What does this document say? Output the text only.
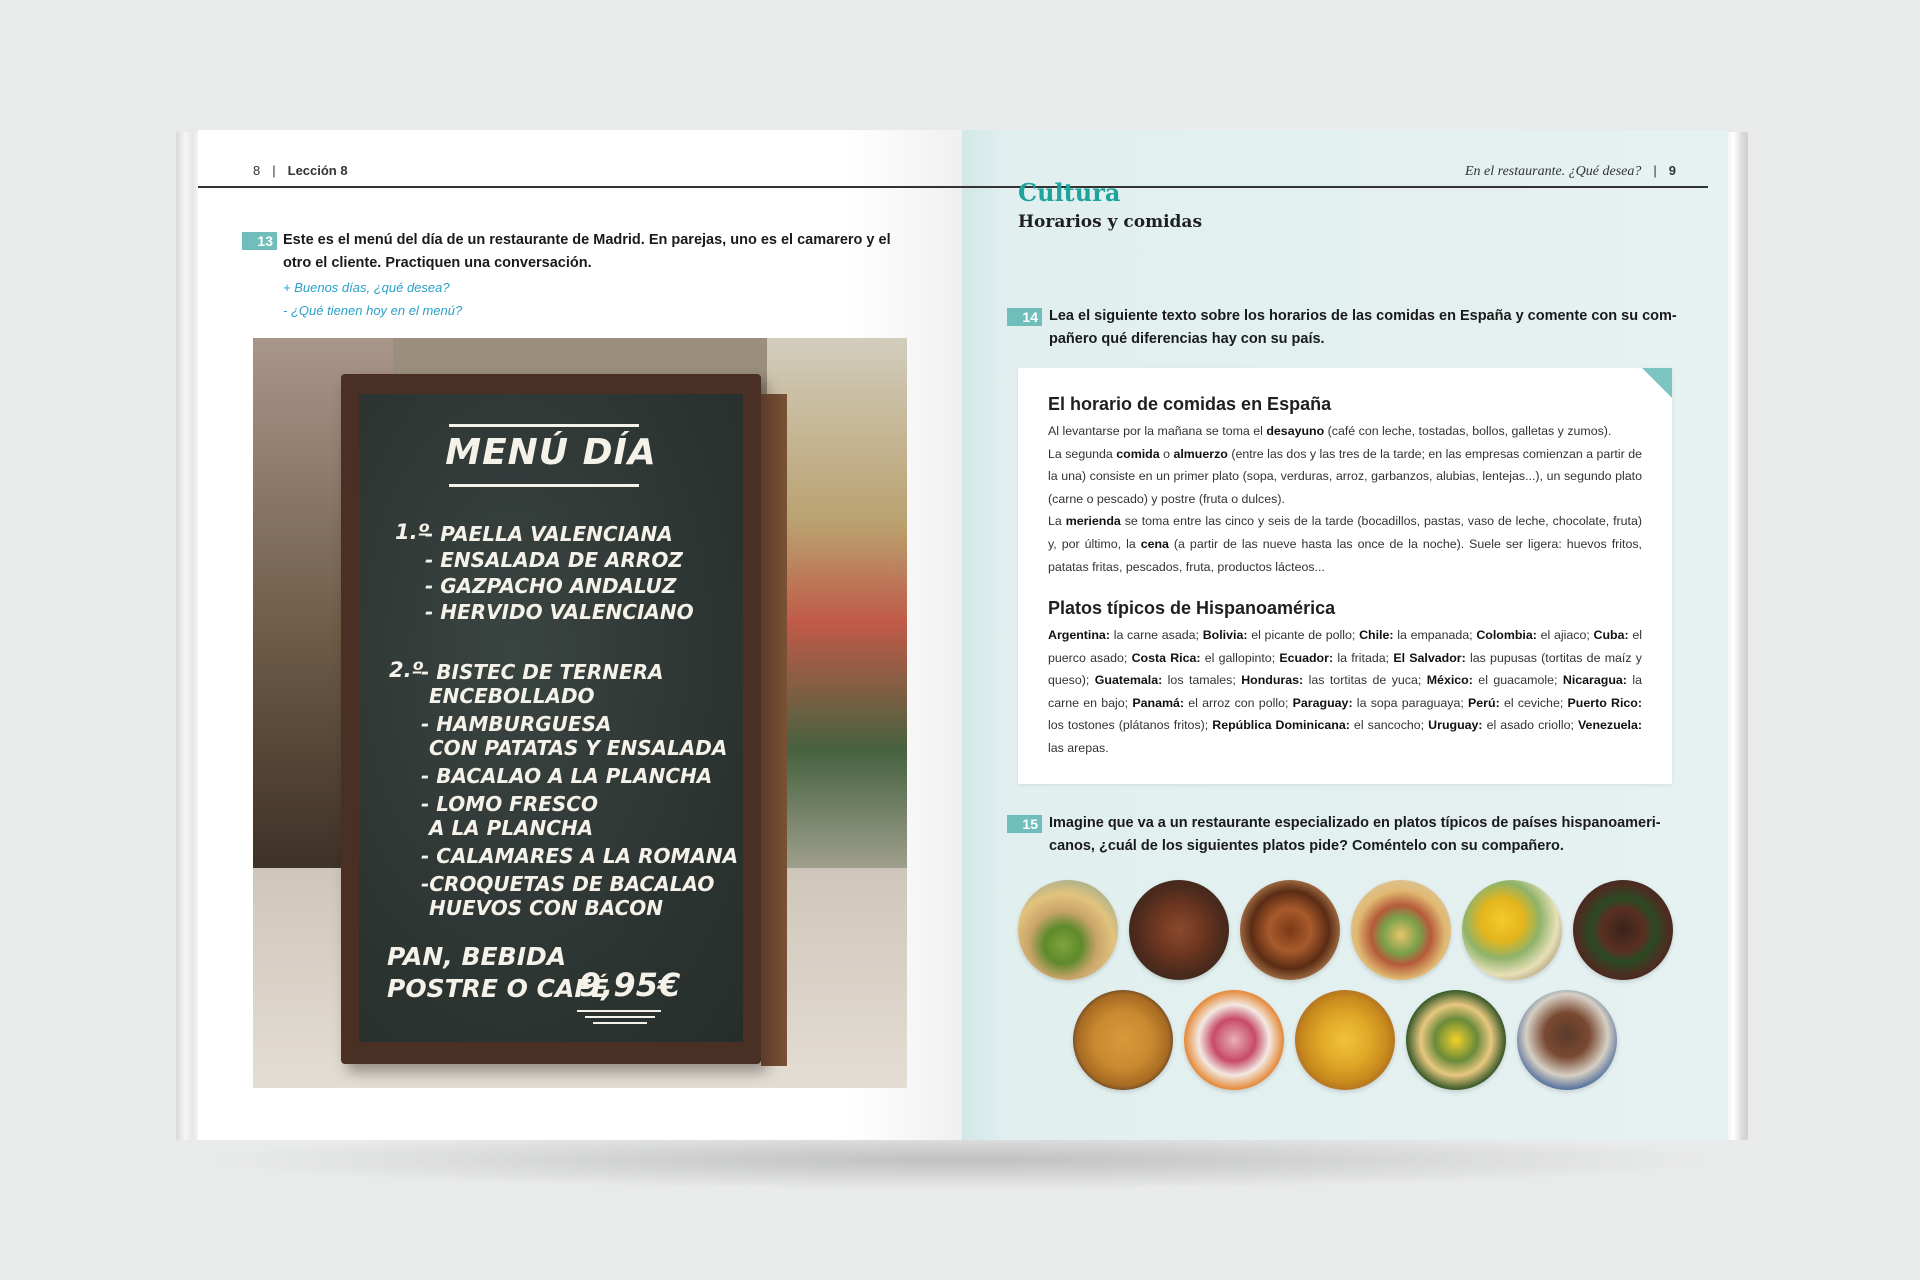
8 | Lección 8
13 Este es el menú del día de un restaurante de Madrid. En parejas, uno es el camarero y el
otro el cliente. Practiquen una conversación.
+ Buenos días, ¿qué desea?
- ¿Qué tienen hoy en el menú?
MENÚ DÍA
1.º
- PAELLA VALENCIANA
- ENSALADA DE ARROZ
- GAZPACHO ANDALUZ
- HERVIDO VALENCIANO
2.º
- BISTEC DE TERNERA
ENCEBOLLADO
- HAMBURGUESA
CON PATATAS Y ENSALADA
- BACALAO A LA PLANCHA
- LOMO FRESCO
A LA PLANCHA
- CALAMARES A LA ROMANA
-CROQUETAS DE BACALAO
HUEVOS CON BACON
PAN, BEBIDA
POSTRE O CAFÉ
9,95€
En el restaurante. ¿Qué desea? | 9
Cultura
Horarios y comidas
14 Lea el siguiente texto sobre los horarios de las comidas en España y comente con su com-
pañero qué diferencias hay con su país.
El horario de comidas en España
Al levantarse por la mañana se toma el desayuno (café con leche, tostadas, bollos, galletas y zumos).
La segunda comida o almuerzo (entre las dos y las tres de la tarde; en las empresas comienzan a partir de la una) consiste en un primer plato (sopa, verduras, arroz, garbanzos, alubias, lentejas...), un segundo plato (carne o pescado) y postre (fruta o dulces).
La merienda se toma entre las cinco y seis de la tarde (bocadillos, pastas, vaso de leche, chocolate, fruta) y, por último, la cena (a partir de las nueve hasta las once de la noche). Suele ser ligera: huevos fritos, patatas fritas, pescados, fruta, productos lácteos...
Platos típicos de Hispanoamérica
Argentina: la carne asada; Bolivia: el picante de pollo; Chile: la empanada; Colombia: el ajiaco; Cuba: el puerco asado; Costa Rica: el gallopinto; Ecuador: la fritada; El Salvador: las pupusas (tortitas de maíz y queso); Guatemala: los tamales; Honduras: las tortitas de yuca; México: el guacamole; Nicaragua: la carne en bajo; Panamá: el arroz con pollo; Paraguay: la sopa paraguaya; Perú: el ceviche; Puerto Rico: los tostones (plátanos fritos); República Dominicana: el sancocho; Uruguay: el asado criollo; Venezuela: las arepas.
15 Imagine que va a un restaurante especializado en platos típicos de países hispanoameri-
canos, ¿cuál de los siguientes platos pide? Coméntelo con su compañero.
